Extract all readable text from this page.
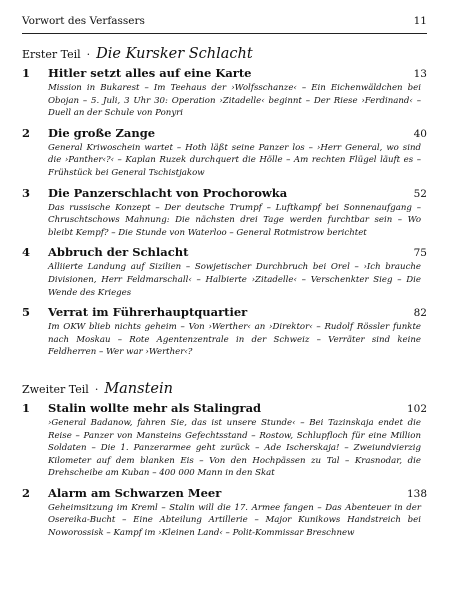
Vorwort des Verfassers	11
Erster Teil · Die Kursker Schlacht
1	Hitler setzt alles auf eine Karte	13
Mission in Bukarest – Im Teehaus der ›Wolfsschanze‹ – Ein Eichenwäldchen bei Obojan – 5. Juli, 3 Uhr 30: Operation ›Zitadelle‹ beginnt – Der Riese ›Ferdinand‹ – Duell an der Schule von Ponyri
2	Die große Zange	40
General Kriwoschein wartet – Hoth läßt seine Panzer los – ›Herr General, wo sind die ›Panther‹?‹ – Kaplan Ruzek durchquert die Hölle – Am rechten Flügel läuft es – Frühstück bei General Tschistjakow
3	Die Panzerschlacht von Prochorowka	52
Das russische Konzept – Der deutsche Trumpf – Luftkampf bei Sonnenaufgang – Chruschtschows Mahnung: Die nächsten drei Tage werden furchtbar sein – Wo bleibt Kempf? – Die Stunde von Waterloo – General Rotmistrow berichtet
4	Abbruch der Schlacht	75
Alliierte Landung auf Sizilien – Sowjetischer Durchbruch bei Orel – ›Ich brauche Divisionen, Herr Feldmarschall‹ – Halbierte ›Zitadelle‹ – Verschenkter Sieg – Die Wende des Krieges
5	Verrat im Führerhauptquartier	82
Im OKW blieb nichts geheim – Von ›Werther‹ an ›Direktor‹ – Rudolf Rössler funkte nach Moskau – Rote Agentenzentrale in der Schweiz – Verräter sind keine Feldherren – Wer war ›Werther‹?
Zweiter Teil · Manstein
1	Stalin wollte mehr als Stalingrad	102
›General Badanow, fahren Sie, das ist unsere Stunde‹ – Bei Tazinskaja endet die Reise – Panzer von Mansteins Gefechtsstand – Rostow, Schlupfloch für eine Million Soldaten – Die 1. Panzerarmee geht zurück – Ade Ischerskaja! – Zweiundvierzig Kilometer auf dem blanken Eis – Von den Hochpässen zu Tal – Krasnodar, die Drehscheibe am Kuban – 400 000 Mann in den Skat
2	Alarm am Schwarzen Meer	138
Geheimsitzung im Kreml – Stalin will die 17. Armee fangen – Das Abenteuer in der Osereika-Bucht – Eine Abteilung Artillerie – Major Kunikows Handstreich bei Noworossisk – Kampf im ›Kleinen Land‹ – Polit-Kommissar Breschnew
